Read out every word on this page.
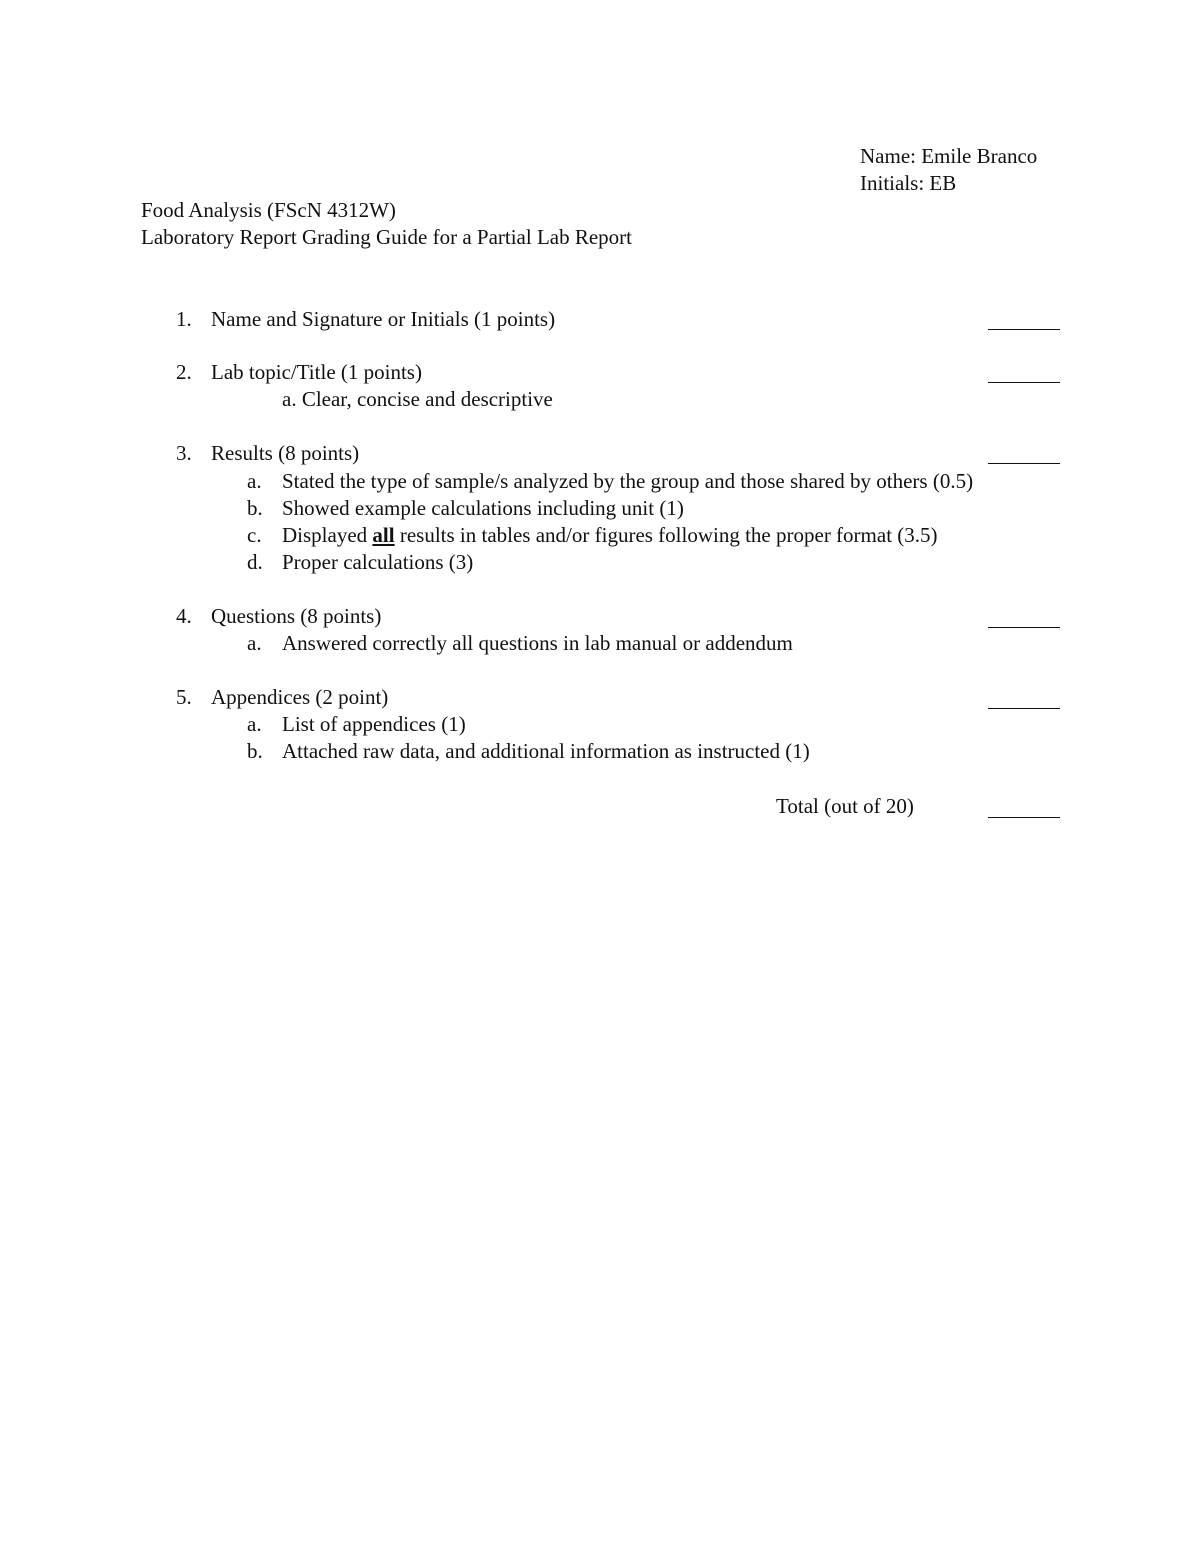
Name: Emile Branco
Initials: EB
Food Analysis (FScN 4312W)
Laboratory Report Grading Guide for a Partial Lab Report
1. Name and Signature or Initials (1 points)
2. Lab topic/Title (1 points)
a. Clear, concise and descriptive
3. Results (8 points)
a. Stated the type of sample/s analyzed by the group and those shared by others (0.5)
b. Showed example calculations including unit (1)
c. Displayed all results in tables and/or figures following the proper format (3.5)
d. Proper calculations (3)
4. Questions (8 points)
a. Answered correctly all questions in lab manual or addendum
5. Appendices (2 point)
a. List of appendices (1)
b. Attached raw data, and additional information as instructed (1)
Total (out of 20)
